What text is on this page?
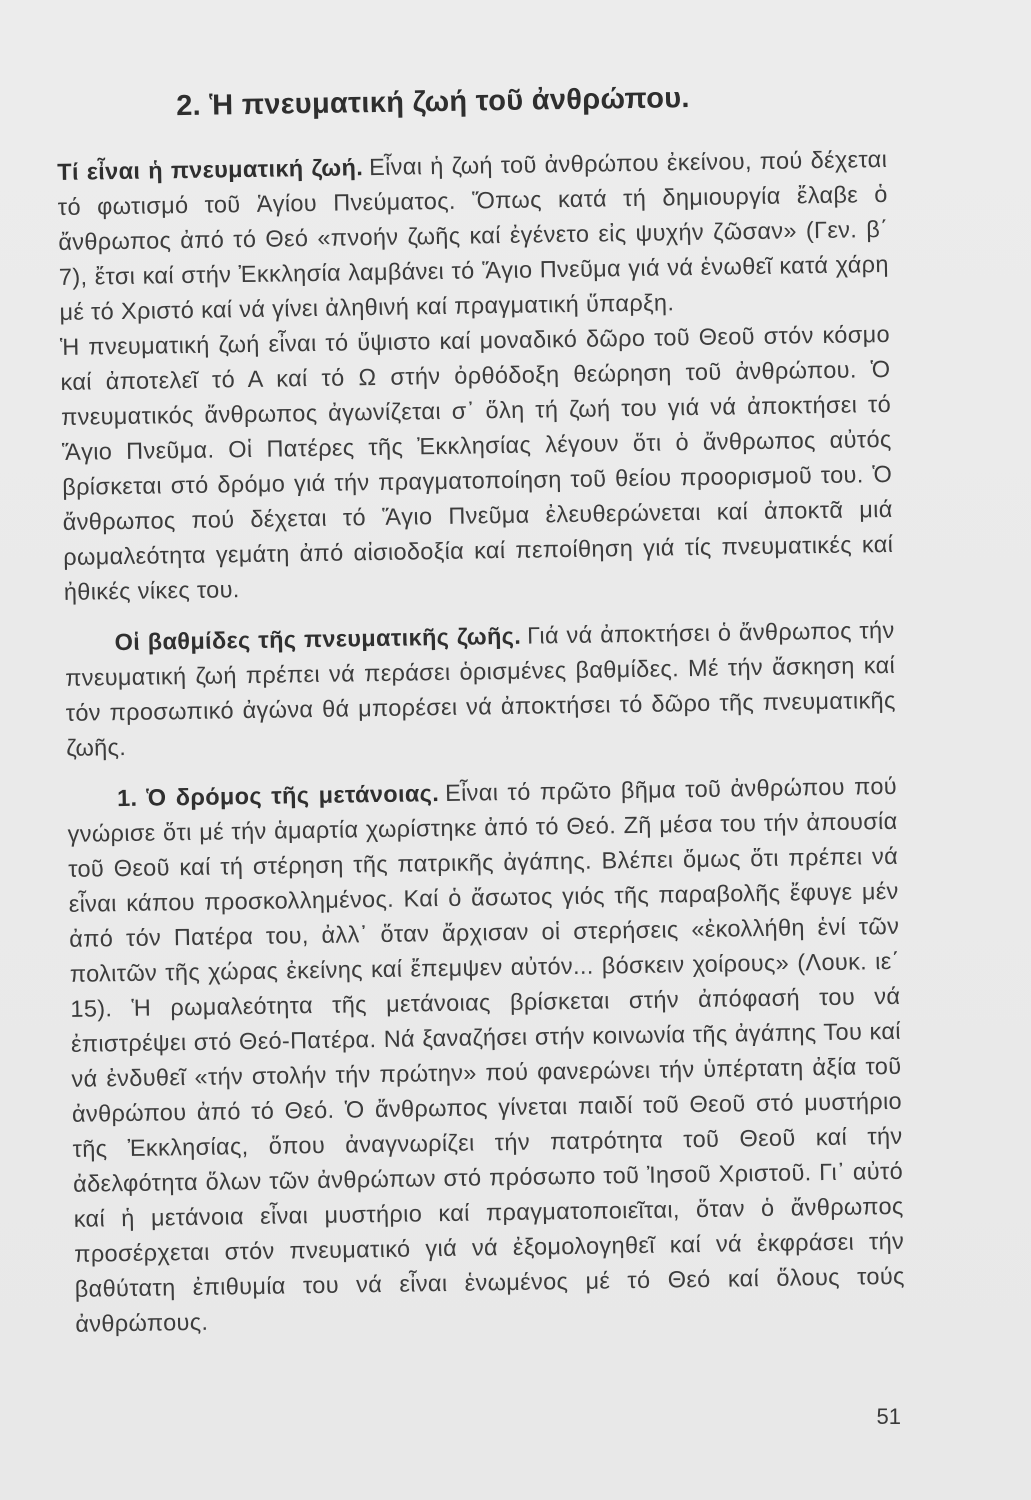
2. Ἡ πνευματική ζωή τοῦ ἀνθρώπου.

Τί εἶναι ἡ πνευματική ζωή. Εἶναι ἡ ζωή τοῦ ἀνθρώπου ἐκείνου, πού δέχεται τό φωτισμό τοῦ Ἁγίου Πνεύματος. Ὅπως κατά τή δημιουργία ἔλαβε ὁ ἄνθρωπος ἀπό τό Θεό «πνοήν ζωῆς καί ἐγένετο εἰς ψυχήν ζῶσαν» (Γεν. β΄ 7), ἔτσι καί στήν Ἐκκλησία λαμβάνει τό Ἅγιο Πνεῦμα γιά νά ἑνωθεῖ κατά χάρη μέ τό Χριστό καί νά γίνει ἀληθινή καί πραγματική ὕπαρξη.

Ἡ πνευματική ζωή εἶναι τό ὕψιστο καί μοναδικό δῶρο τοῦ Θεοῦ στόν κόσμο καί ἀποτελεῖ τό Α καί τό Ω στήν ὀρθόδοξη θεώρηση τοῦ ἀνθρώπου. Ὁ πνευματικός ἄνθρωπος ἀγωνίζεται σ᾿ ὅλη τή ζωή του γιά νά ἀποκτήσει τό Ἅγιο Πνεῦμα. Οἱ Πατέρες τῆς Ἐκκλησίας λέγουν ὅτι ὁ ἄνθρωπος αὐτός βρίσκεται στό δρόμο γιά τήν πραγματοποίηση τοῦ θείου προορισμοῦ του. Ὁ ἄνθρωπος πού δέχεται τό Ἅγιο Πνεῦμα ἐλευθερώνεται καί ἀποκτᾶ μιά ρωμαλεότητα γεμάτη ἀπό αἰσιοδοξία καί πεποίθηση γιά τίς πνευματικές καί ἠθικές νίκες του.

Οἱ βαθμίδες τῆς πνευματικῆς ζωῆς. Γιά νά ἀποκτήσει ὁ ἄνθρωπος τήν πνευματική ζωή πρέπει νά περάσει ὁρισμένες βαθμίδες. Μέ τήν ἄσκηση καί τόν προσωπικό ἀγώνα θά μπορέσει νά ἀποκτήσει τό δῶρο τῆς πνευματικῆς ζωῆς.

1. Ὁ δρόμος τῆς μετάνοιας. Εἶναι τό πρῶτο βῆμα τοῦ ἀνθρώπου πού γνώρισε ὅτι μέ τήν ἁμαρτία χωρίστηκε ἀπό τό Θεό. Ζῆ μέσα του τήν ἀπουσία τοῦ Θεοῦ καί τή στέρηση τῆς πατρικῆς ἀγάπης. Βλέπει ὅμως ὅτι πρέπει νά εἶναι κάπου προσκολλημένος. Καί ὁ ἄσωτος γιός τῆς παραβολῆς ἔφυγε μέν ἀπό τόν Πατέρα του, ἀλλ᾿ ὅταν ἄρχισαν οἱ στερήσεις «ἐκολλήθη ἑνί τῶν πολιτῶν τῆς χώρας ἐκείνης καί ἔπεμψεν αὐτόν... βόσκειν χοίρους» (Λουκ. ιε΄ 15). Ἡ ρωμαλεότητα τῆς μετάνοιας βρίσκεται στήν ἀπόφασή του νά ἐπιστρέψει στό Θεό-Πατέρα. Νά ξαναζήσει στήν κοινωνία τῆς ἀγάπης Του καί νά ἐνδυθεῖ «τήν στολήν τήν πρώτην» πού φανερώνει τήν ὑπέρτατη ἀξία τοῦ ἀνθρώπου ἀπό τό Θεό. Ὁ ἄνθρωπος γίνεται παιδί τοῦ Θεοῦ στό μυστήριο τῆς Ἐκκλησίας, ὅπου ἀναγνωρίζει τήν πατρότητα τοῦ Θεοῦ καί τήν ἀδελφότητα ὅλων τῶν ἀνθρώπων στό πρόσωπο τοῦ Ἰησοῦ Χριστοῦ. Γι᾿ αὐτό καί ἡ μετάνοια εἶναι μυστήριο καί πραγματοποιεῖται, ὅταν ὁ ἄνθρωπος προσέρχεται στόν πνευματικό γιά νά ἐξομολογηθεῖ καί νά ἐκφράσει τήν βαθύτατη ἐπιθυμία του νά εἶναι ἑνωμένος μέ τό Θεό καί ὅλους τούς ἀνθρώπους.

51
